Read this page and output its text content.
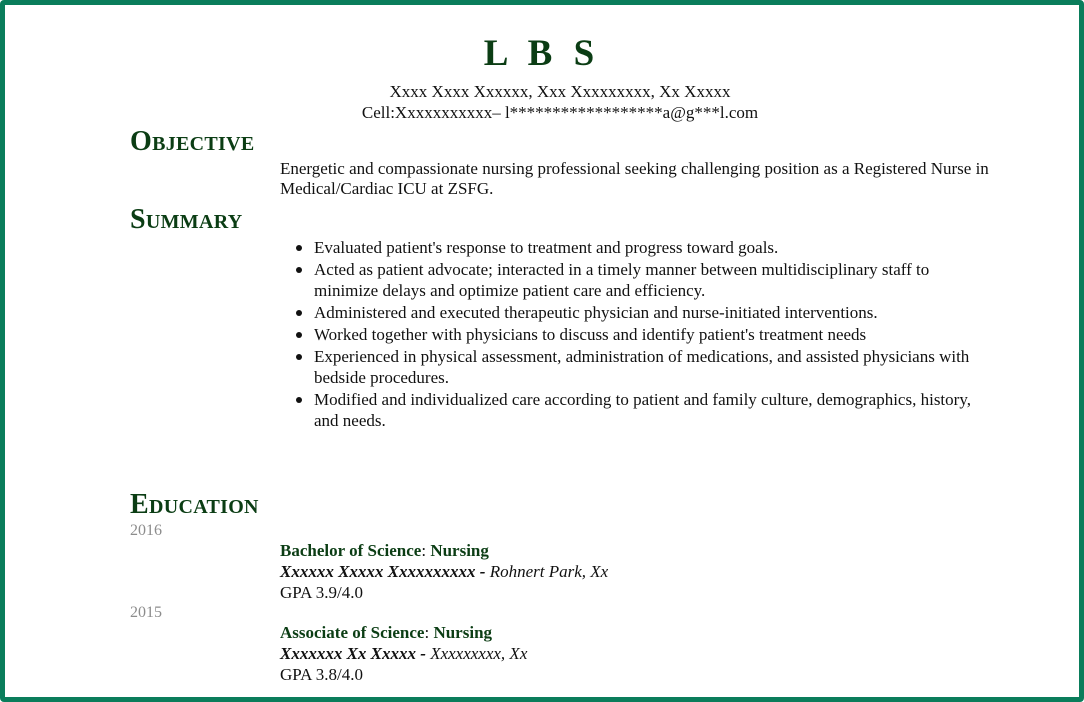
L B S
Xxxx Xxxx Xxxxxx, Xxx Xxxxxxxxx, Xx Xxxxx
Cell:Xxxxxxxxxxx– l******************a@g***l.com
Objective
Energetic and compassionate nursing professional seeking challenging position as a Registered Nurse in Medical/Cardiac ICU at ZSFG.
Summary
Evaluated patient's response to treatment and progress toward goals.
Acted as patient advocate; interacted in a timely manner between multidisciplinary staff to minimize delays and optimize patient care and efficiency.
Administered and executed therapeutic physician and nurse-initiated interventions.
Worked together with physicians to discuss and identify patient's treatment needs
Experienced in physical assessment, administration of medications, and assisted physicians with bedside procedures.
Modified and individualized care according to patient and family culture, demographics, history, and needs.
Education
2016
Bachelor of Science: Nursing
Xxxxxx Xxxxx Xxxxxxxxxx - Rohnert Park, Xx
GPA 3.9/4.0
2015
Associate of Science: Nursing
Xxxxxxx Xx Xxxxx - Xxxxxxxxx, Xx
GPA 3.8/4.0
